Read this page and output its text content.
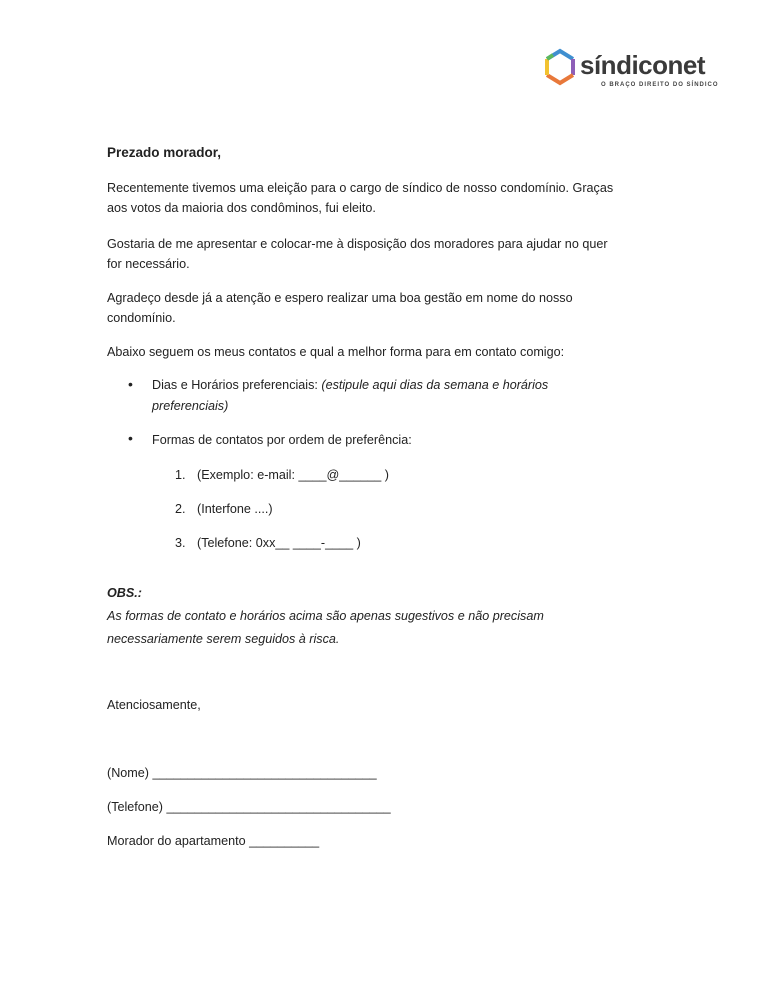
síndiconet
O BRAÇO DIREITO DO SÍNDICO
Prezado morador,
Recentemente tivemos uma eleição para o cargo de síndico de nosso condomínio. Graças
aos votos da maioria dos condôminos, fui eleito.
Gostaria de me apresentar e colocar-me à disposição dos moradores para ajudar no quer
for necessário.
Agradeço desde já a atenção e espero realizar uma boa gestão em nome do nosso
condomínio.
Abaixo seguem os meus contatos e qual a melhor forma para em contato comigo:
• Dias e Horários preferenciais: (estipule aqui dias da semana e horários
preferenciais)
• Formas de contatos por ordem de preferência:
1. (Exemplo: e-mail: ____@______ )
2. (Interfone ....)
3. (Telefone: 0xx__ ____-____ )
OBS.:
As formas de contato e horários acima são apenas sugestivos e não precisam
necessariamente serem seguidos à risca.
Atenciosamente,
(Nome) ________________________________
(Telefone) ________________________________
Morador do apartamento __________
